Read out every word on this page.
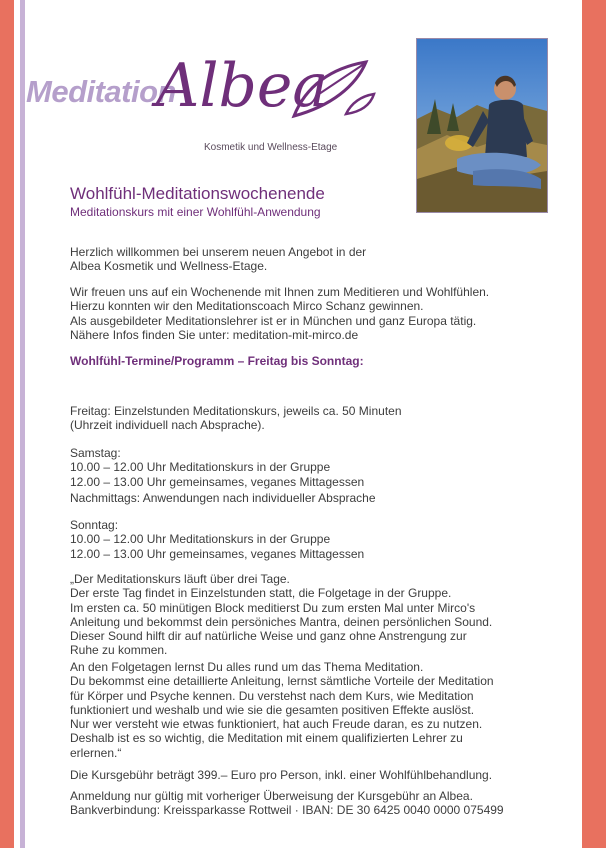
Meditation
Albea
Kosmetik und Wellness-Etage
Wohlfühl-Meditationswochenende
Meditationskurs mit einer Wohlfühl-Anwendung
Herzlich willkommen bei unserem neuen Angebot in der
Albea Kosmetik und Wellness-Etage.
Wir freuen uns auf ein Wochenende mit Ihnen zum Meditieren und Wohlfühlen.
Hierzu konnten wir den Meditationscoach Mirco Schanz gewinnen.
Als ausgebildeter Meditationslehrer ist er in München und ganz Europa tätig.
Nähere Infos finden Sie unter: meditation-mit-mirco.de
Wohlfühl-Termine/Programm – Freitag bis Sonntag:
Freitag: Einzelstunden Meditationskurs, jeweils ca. 50 Minuten
(Uhrzeit individuell nach Absprache).
Samstag:
10.00 – 12.00 Uhr Meditationskurs in der Gruppe
12.00 – 13.00 Uhr gemeinsames, veganes Mittagessen
Nachmittags: Anwendungen nach individueller Absprache
Sonntag:
10.00 – 12.00 Uhr Meditationskurs in der Gruppe
12.00 – 13.00 Uhr gemeinsames, veganes Mittagessen
„Der Meditationskurs läuft über drei Tage.
Der erste Tag findet in Einzelstunden statt, die Folgetage in der Gruppe.
Im ersten ca. 50 minütigen Block meditierst Du zum ersten Mal unter Mirco's
Anleitung und bekommst dein persöniches Mantra, deinen persönlichen Sound.
Dieser Sound hilft dir auf natürliche Weise und ganz ohne Anstrengung zur
Ruhe zu kommen.
An den Folgetagen lernst Du alles rund um das Thema Meditation.
Du bekommst eine detaillierte Anleitung, lernst sämtliche Vorteile der Meditation
für Körper und Psyche kennen. Du verstehst nach dem Kurs, wie Meditation
funktioniert und weshalb und wie sie die gesamten positiven Effekte auslöst.
Nur wer versteht wie etwas funktioniert, hat auch Freude daran, es zu nutzen.
Deshalb ist es so wichtig, die Meditation mit einem qualifizierten Lehrer zu
erlernen.“
Die Kursgebühr beträgt 399.– Euro pro Person, inkl. einer Wohlfühlbehandlung.
Anmeldung nur gültig mit vorheriger Überweisung der Kursgebühr an Albea.
Bankverbindung: Kreissparkasse Rottweil · IBAN: DE 30 6425 0040 0000 075499
